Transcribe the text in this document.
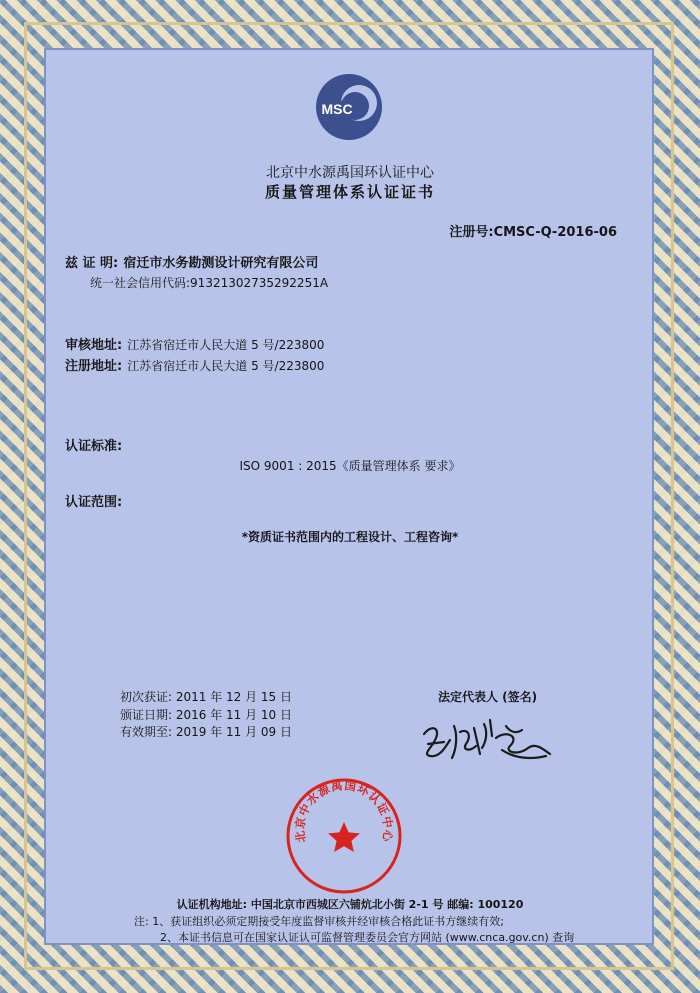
MSC
北京中水源禹国环认证中心
质量管理体系认证证书
注册号:CMSC-Q-2016-06
兹 证 明: 宿迁市水务勘测设计研究有限公司
统一社会信用代码:91321302735292251A
审核地址: 江苏省宿迁市人民大道 5 号/223800
注册地址: 江苏省宿迁市人民大道 5 号/223800
认证标准:
ISO 9001 : 2015《质量管理体系 要求》
认证范围:
*资质证书范围内的工程设计、工程咨询*
初次获证: 2011 年 12 月 15 日
颁证日期: 2016 年 11 月 10 日
有效期至: 2019 年 11 月 09 日
法定代表人 (签名)
北京中水源禹国环认证中心
认证机构地址: 中国北京市西城区六铺炕北小街 2-1 号 邮编: 100120
注: 1、获证组织必须定期接受年度监督审核并经审核合格此证书方继续有效;
2、本证书信息可在国家认证认可监督管理委员会官方网站 (www.cnca.gov.cn) 查询
